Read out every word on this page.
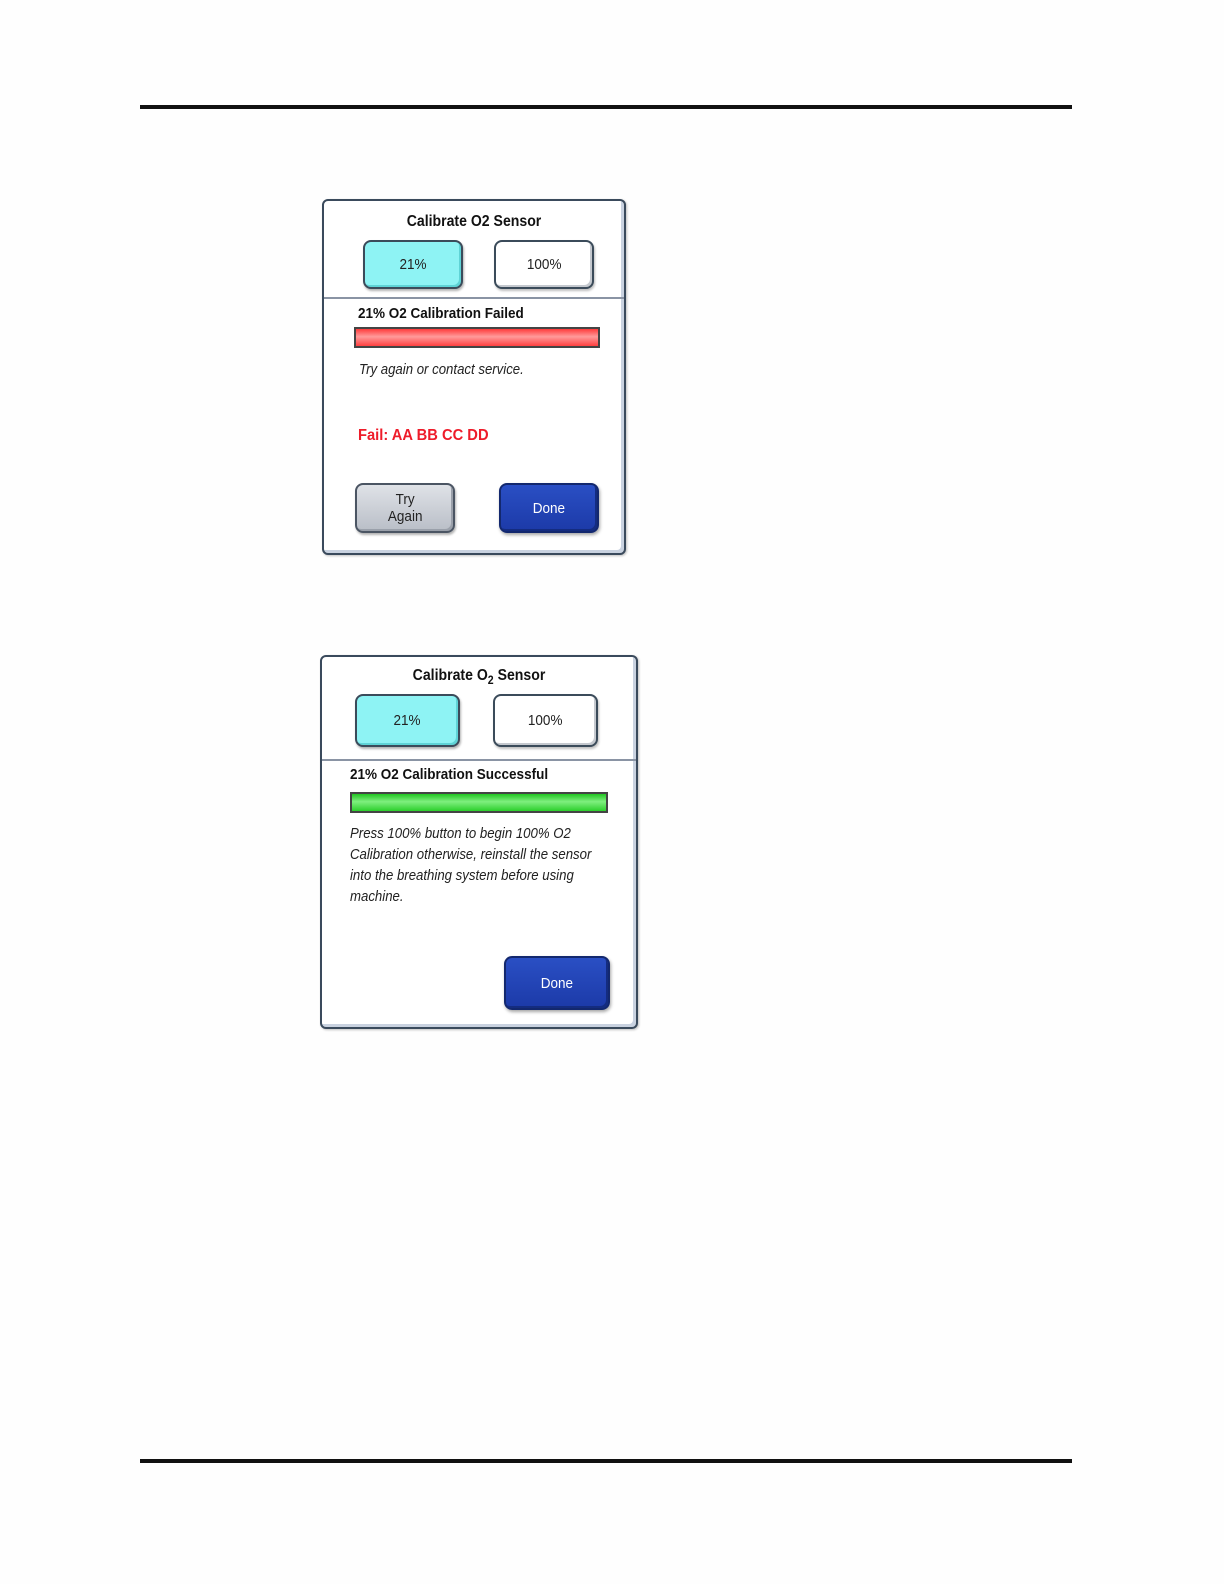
Calibrate O2 Sensor
21%	100%
21% O2 Calibration Failed
Try again or contact service.
Fail: AA BB CC DD
Try
Again	Done
Calibrate $O_2$ Sensor
21%	100%
21% O2 Calibration Successful
Press 100% button to begin 100% O2 Calibration otherwise, reinstall the sensor into the breathing system before using machine.
Done
